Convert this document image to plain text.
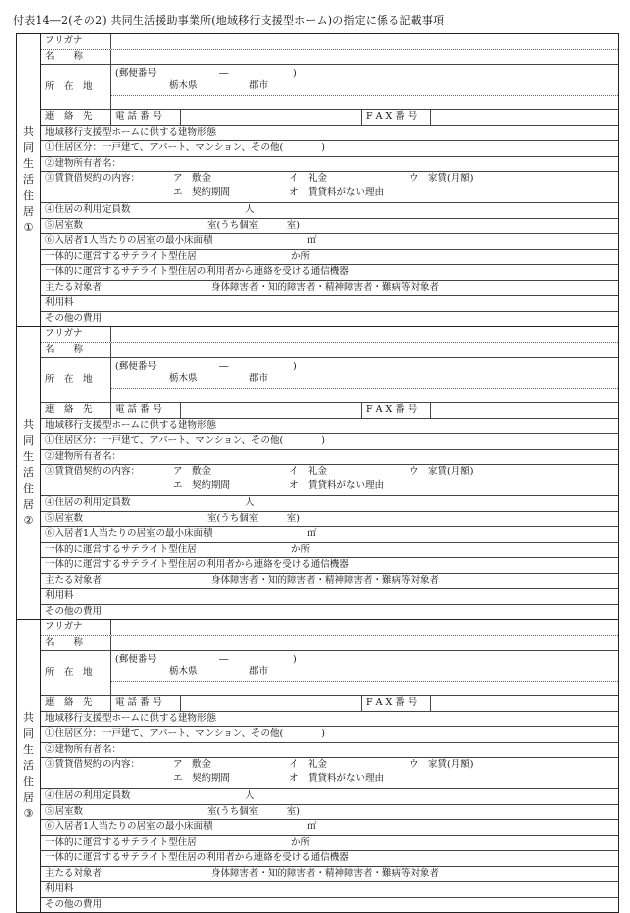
付表14―2(その2) 共同生活援助事業所(地域移行支援型ホーム)の指定に係る記載事項
共
同
生
活
住
居
①
フリガナ
名　　称
所　在　地
(郵便番号	―	)
栃木県	郡市
連　絡　先	電 話 番 号	F A X 番 号
地域移行支援型ホームに供する建物形態
①住居区分：一戸建て、アパート、マンション、その他(　　　　)
②建物所有者名：
③賃貸借契約の内容：	ア　敷金	イ　礼金	ウ　家賃(月額)
エ　契約期間	オ　賃貸料がない理由
④住居の利用定員数	人
⑤居室数	室(うち個室　　　室)
⑥入居者1人当たりの居室の最小床面積	㎡
一体的に運営するサテライト型住居	か所
一体的に運営するサテライト型住居の利用者から連絡を受ける通信機器
主たる対象者	身体障害者・知的障害者・精神障害者・難病等対象者
利用料
その他の費用
共
同
生
活
住
居
②
フリガナ
名　　称
所　在　地
(郵便番号	―	)
栃木県	郡市
連　絡　先	電 話 番 号	F A X 番 号
地域移行支援型ホームに供する建物形態
①住居区分：一戸建て、アパート、マンション、その他(　　　　)
②建物所有者名：
③賃貸借契約の内容：	ア　敷金	イ　礼金	ウ　家賃(月額)
エ　契約期間	オ　賃貸料がない理由
④住居の利用定員数	人
⑤居室数	室(うち個室　　　室)
⑥入居者1人当たりの居室の最小床面積	㎡
一体的に運営するサテライト型住居	か所
一体的に運営するサテライト型住居の利用者から連絡を受ける通信機器
主たる対象者	身体障害者・知的障害者・精神障害者・難病等対象者
利用料
その他の費用
共
同
生
活
住
居
③
フリガナ
名　　称
所　在　地
(郵便番号	―	)
栃木県	郡市
連　絡　先	電 話 番 号	F A X 番 号
地域移行支援型ホームに供する建物形態
①住居区分：一戸建て、アパート、マンション、その他(　　　　)
②建物所有者名：
③賃貸借契約の内容：	ア　敷金	イ　礼金	ウ　家賃(月額)
エ　契約期間	オ　賃貸料がない理由
④住居の利用定員数	人
⑤居室数	室(うち個室　　　室)
⑥入居者1人当たりの居室の最小床面積	㎡
一体的に運営するサテライト型住居	か所
一体的に運営するサテライト型住居の利用者から連絡を受ける通信機器
主たる対象者	身体障害者・知的障害者・精神障害者・難病等対象者
利用料
その他の費用
